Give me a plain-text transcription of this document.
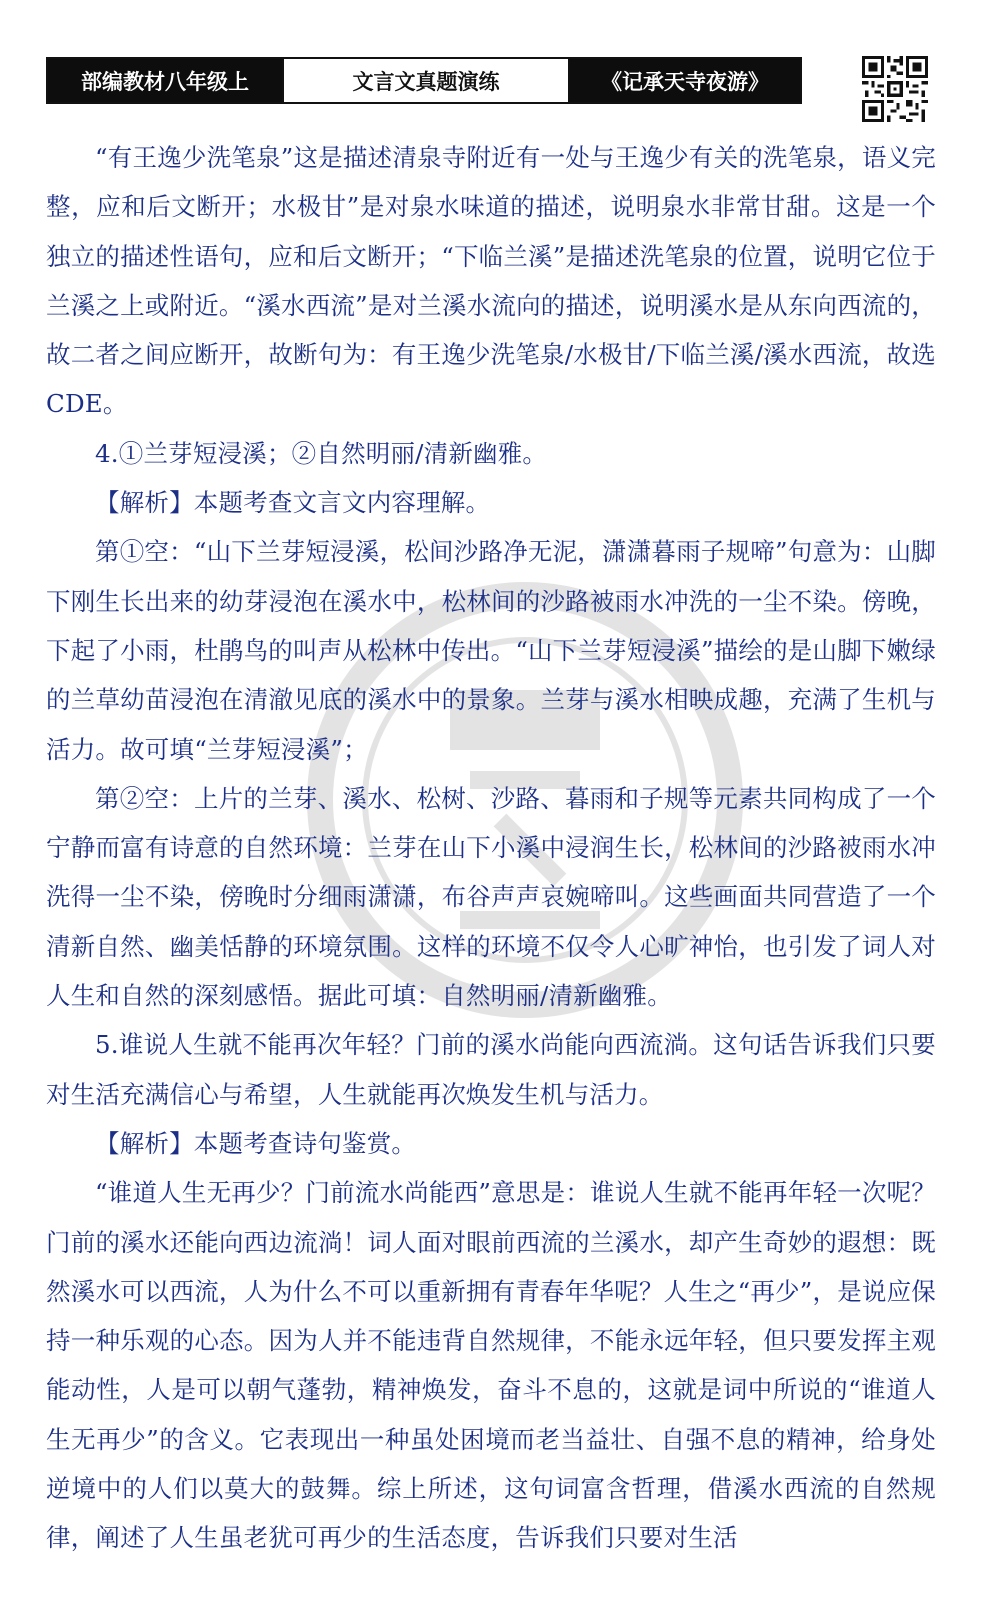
部编教材八年级上	文言文真题演练	《记承天寺夜游》

“有王逸少洗笔泉”这是描述清泉寺附近有一处与王逸少有关的洗笔泉，语义完整，应和后文断开；水极甘”是对泉水味道的描述，说明泉水非常甘甜。这是一个独立的描述性语句，应和后文断开；“下临兰溪”是描述洗笔泉的位置，说明它位于兰溪之上或附近。“溪水西流”是对兰溪水流向的描述，说明溪水是从东向西流的，故二者之间应断开，故断句为：有王逸少洗笔泉/水极甘/下临兰溪/溪水西流，故选 CDE。

4.①兰芽短浸溪；②自然明丽/清新幽雅。

【解析】本题考查文言文内容理解。

第①空：“山下兰芽短浸溪，松间沙路净无泥，潇潇暮雨子规啼”句意为：山脚下刚生长出来的幼芽浸泡在溪水中，松林间的沙路被雨水冲洗的一尘不染。傍晚，下起了小雨，杜鹃鸟的叫声从松林中传出。“山下兰芽短浸溪”描绘的是山脚下嫩绿的兰草幼苗浸泡在清澈见底的溪水中的景象。兰芽与溪水相映成趣，充满了生机与活力。故可填“兰芽短浸溪”；

第②空：上片的兰芽、溪水、松树、沙路、暮雨和子规等元素共同构成了一个宁静而富有诗意的自然环境：兰芽在山下小溪中浸润生长，松林间的沙路被雨水冲洗得一尘不染，傍晚时分细雨潇潇，布谷声声哀婉啼叫。这些画面共同营造了一个清新自然、幽美恬静的环境氛围。这样的环境不仅令人心旷神怡，也引发了词人对人生和自然的深刻感悟。据此可填：自然明丽/清新幽雅。

5.谁说人生就不能再次年轻？门前的溪水尚能向西流淌。这句话告诉我们只要对生活充满信心与希望，人生就能再次焕发生机与活力。

【解析】本题考查诗句鉴赏。

“谁道人生无再少？门前流水尚能西”意思是：谁说人生就不能再年轻一次呢？门前的溪水还能向西边流淌！词人面对眼前西流的兰溪水，却产生奇妙的遐想：既然溪水可以西流，人为什么不可以重新拥有青春年华呢？人生之“再少”，是说应保持一种乐观的心态。因为人并不能违背自然规律，不能永远年轻，但只要发挥主观能动性，人是可以朝气蓬勃，精神焕发，奋斗不息的，这就是词中所说的“谁道人生无再少”的含义。它表现出一种虽处困境而老当益壮、自强不息的精神，给身处逆境中的人们以莫大的鼓舞。综上所述，这句词富含哲理，借溪水西流的自然规律，阐述了人生虽老犹可再少的生活态度，告诉我们只要对生活
